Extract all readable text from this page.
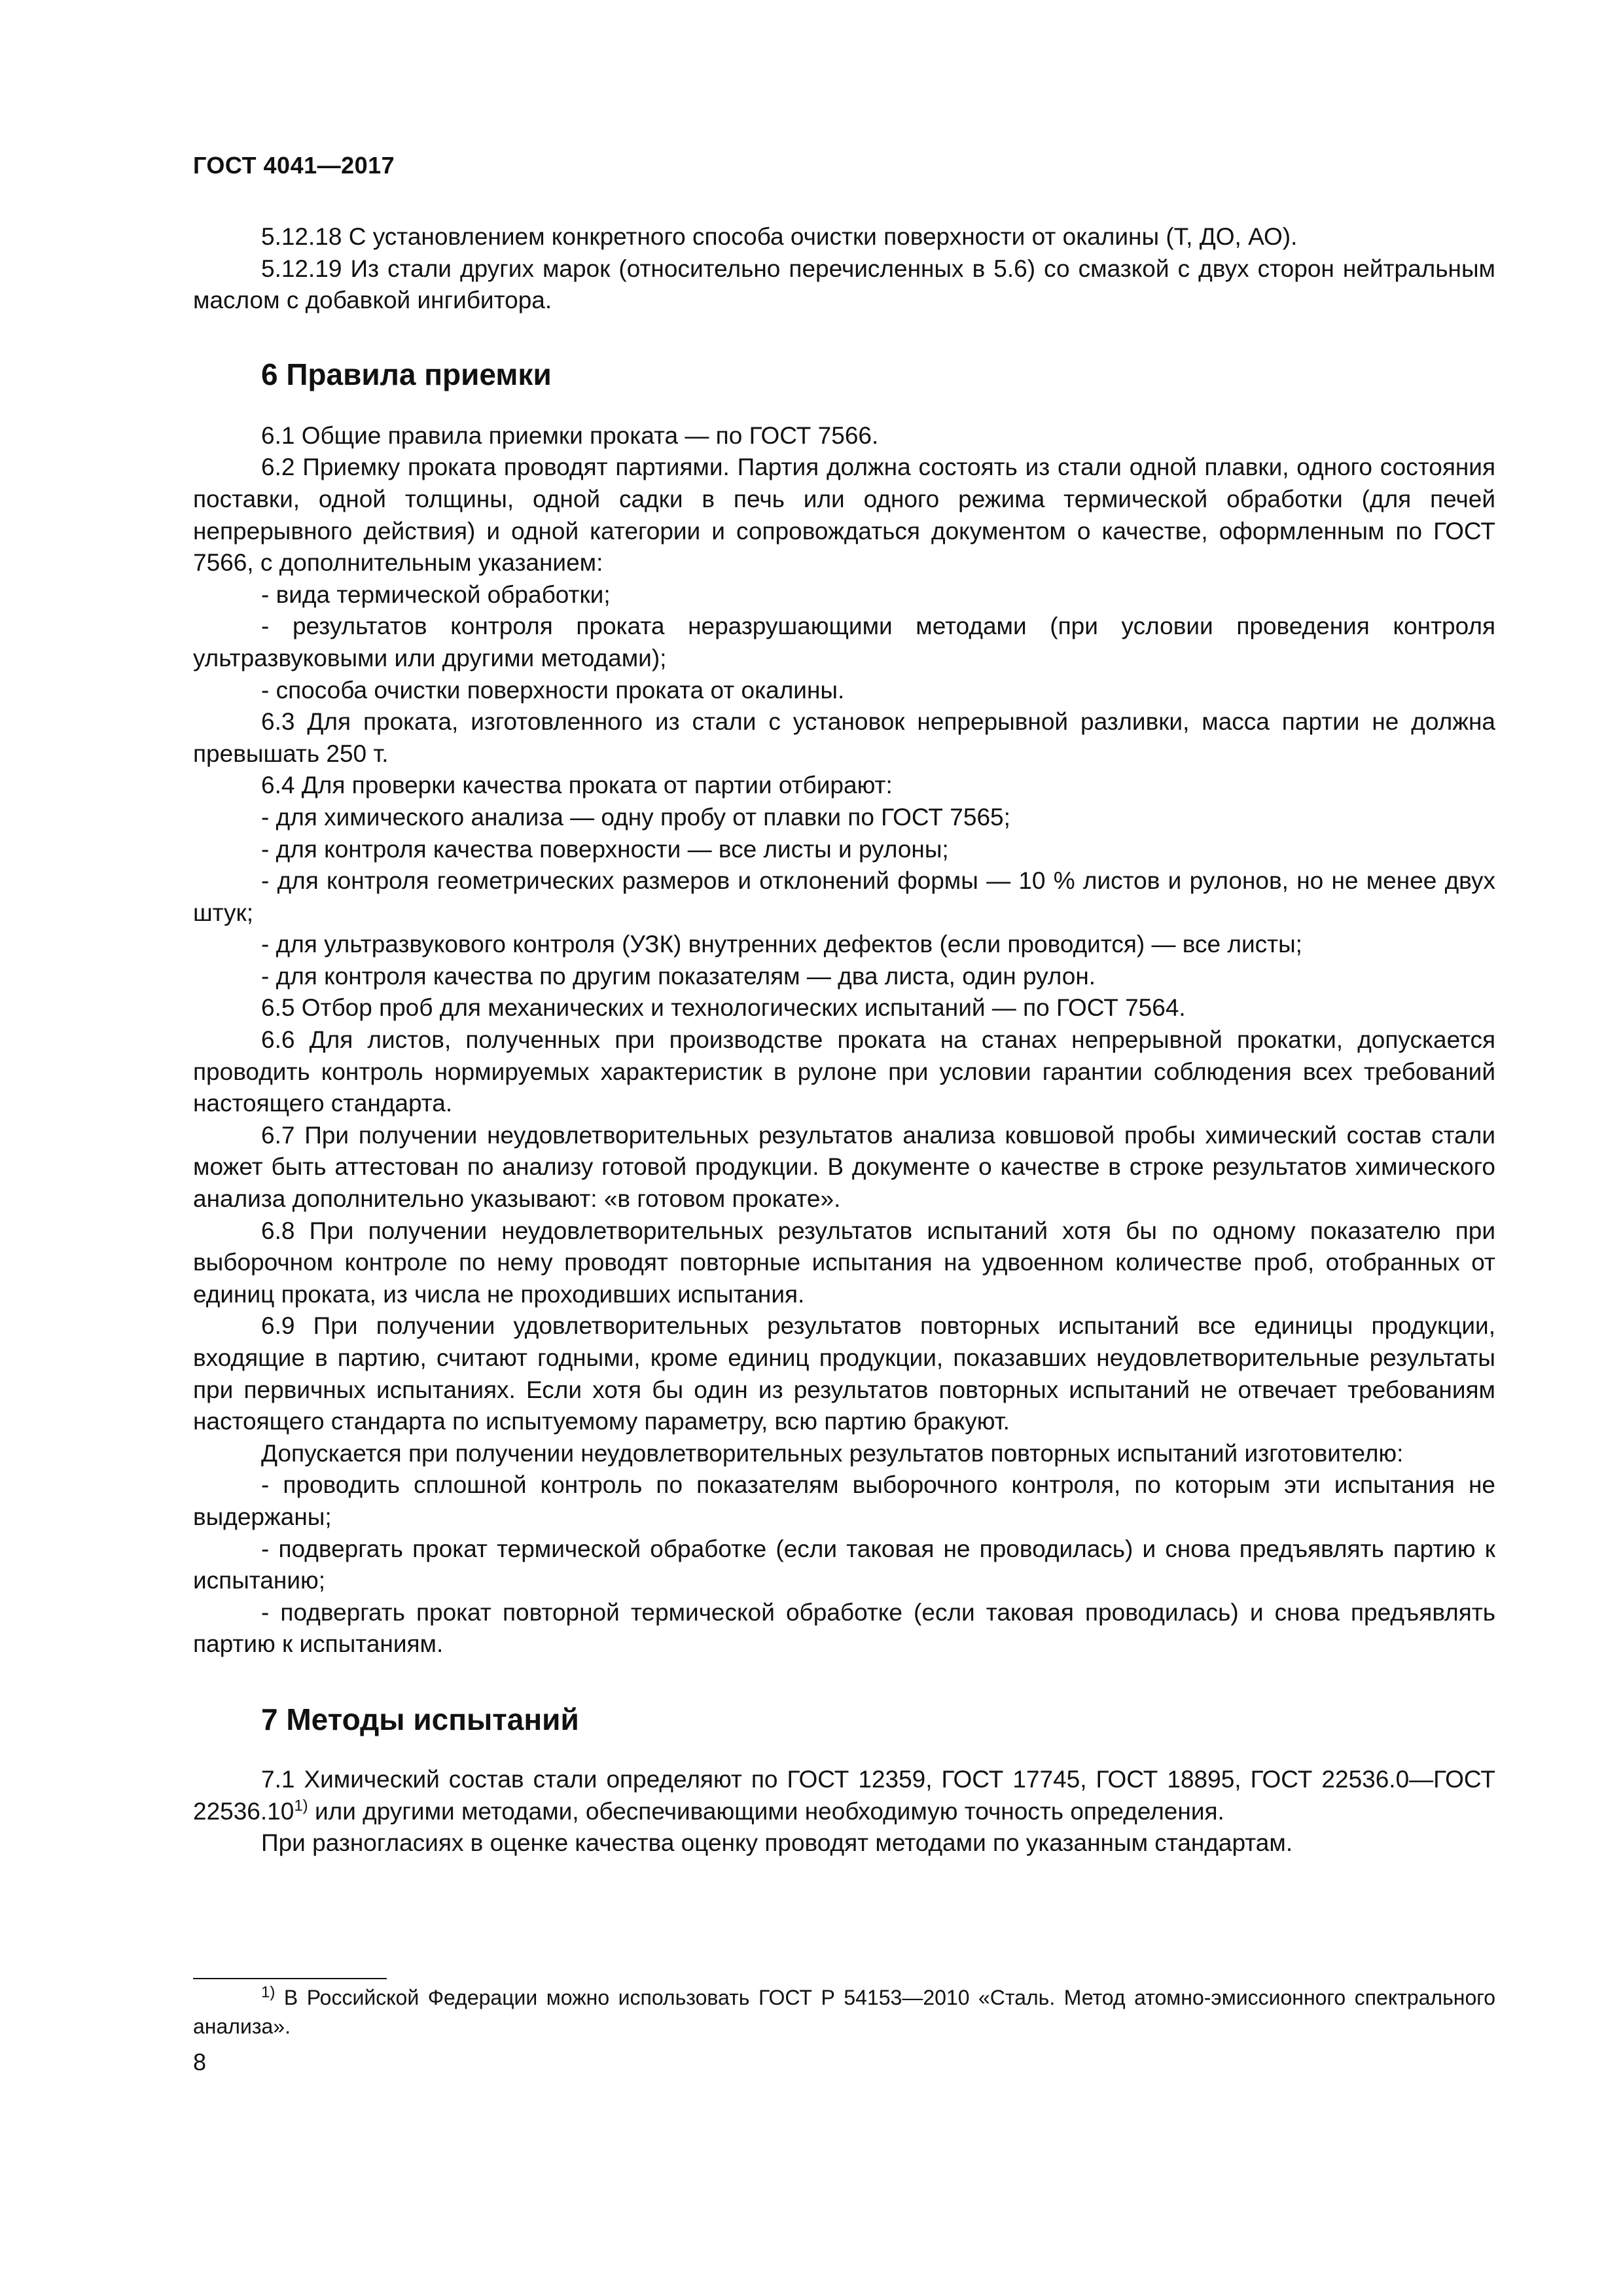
ГОСТ 4041—2017

5.12.18 С установлением конкретного способа очистки поверхности от окалины (Т, ДО, АО).

5.12.19 Из стали других марок (относительно перечисленных в 5.6) со смазкой с двух сторон нейтральным маслом с добавкой ингибитора.

6 Правила приемки

6.1 Общие правила приемки проката — по ГОСТ 7566.

6.2 Приемку проката проводят партиями. Партия должна состоять из стали одной плавки, одного состояния поставки, одной толщины, одной садки в печь или одного режима термической обработки (для печей непрерывного действия) и одной категории и сопровождаться документом о качестве, оформленным по ГОСТ 7566, с дополнительным указанием:

- вида термической обработки;

- результатов контроля проката неразрушающими методами (при условии проведения контроля ультразвуковыми или другими методами);

- способа очистки поверхности проката от окалины.

6.3 Для проката, изготовленного из стали с установок непрерывной разливки, масса партии не должна превышать 250 т.

6.4 Для проверки качества проката от партии отбирают:

- для химического анализа — одну пробу от плавки по ГОСТ 7565;

- для контроля качества поверхности — все листы и рулоны;

- для контроля геометрических размеров и отклонений формы — 10 % листов и рулонов, но не менее двух штук;

- для ультразвукового контроля (УЗК) внутренних дефектов (если проводится) — все листы;

- для контроля качества по другим показателям — два листа, один рулон.

6.5 Отбор проб для механических и технологических испытаний — по ГОСТ 7564.

6.6 Для листов, полученных при производстве проката на станах непрерывной прокатки, допускается проводить контроль нормируемых характеристик в рулоне при условии гарантии соблюдения всех требований настоящего стандарта.

6.7 При получении неудовлетворительных результатов анализа ковшовой пробы химический состав стали может быть аттестован по анализу готовой продукции. В документе о качестве в строке результатов химического анализа дополнительно указывают: «в готовом прокате».

6.8 При получении неудовлетворительных результатов испытаний хотя бы по одному показателю при выборочном контроле по нему проводят повторные испытания на удвоенном количестве проб, отобранных от единиц проката, из числа не проходивших испытания.

6.9 При получении удовлетворительных результатов повторных испытаний все единицы продукции, входящие в партию, считают годными, кроме единиц продукции, показавших неудовлетворительные результаты при первичных испытаниях. Если хотя бы один из результатов повторных испытаний не отвечает требованиям настоящего стандарта по испытуемому параметру, всю партию бракуют.

Допускается при получении неудовлетворительных результатов повторных испытаний изготовителю:

- проводить сплошной контроль по показателям выборочного контроля, по которым эти испытания не выдержаны;

- подвергать прокат термической обработке (если таковая не проводилась) и снова предъявлять партию к испытанию;

- подвергать прокат повторной термической обработке (если таковая проводилась) и снова предъявлять партию к испытаниям.

7 Методы испытаний

7.1 Химический состав стали определяют по ГОСТ 12359, ГОСТ 17745, ГОСТ 18895, ГОСТ 22536.0—ГОСТ 22536.10$^{1)}$ или другими методами, обеспечивающими необходимую точность определения.

При разногласиях в оценке качества оценку проводят методами по указанным стандартам.

$^{1)}$ В Российской Федерации можно использовать ГОСТ Р 54153—2010 «Сталь. Метод атомно-эмиссионного спектрального анализа».

8
